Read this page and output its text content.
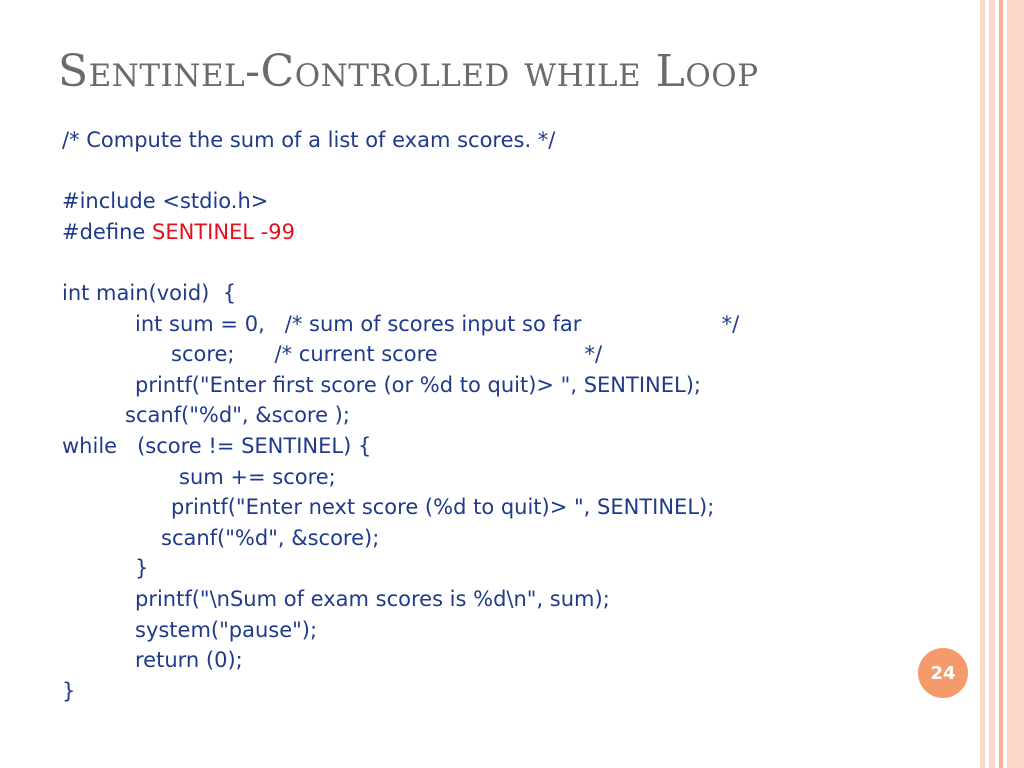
Sentinel-Controlled while Loop
/* Compute the sum of a list of exam scores. */
#include <stdio.h>
#define SENTINEL -99
int main(void)  {
int sum = 0,   /* sum of scores input so far                     */
score;      /* current score                      */
printf("Enter first score (or %d to quit)> ", SENTINEL);
scanf("%d", &score );
while   (score != SENTINEL) {
sum += score;
printf("Enter next score (%d to quit)> ", SENTINEL);
scanf("%d", &score);
}
printf("\nSum of exam scores is %d\n", sum);
system("pause");
return (0);
}
24
